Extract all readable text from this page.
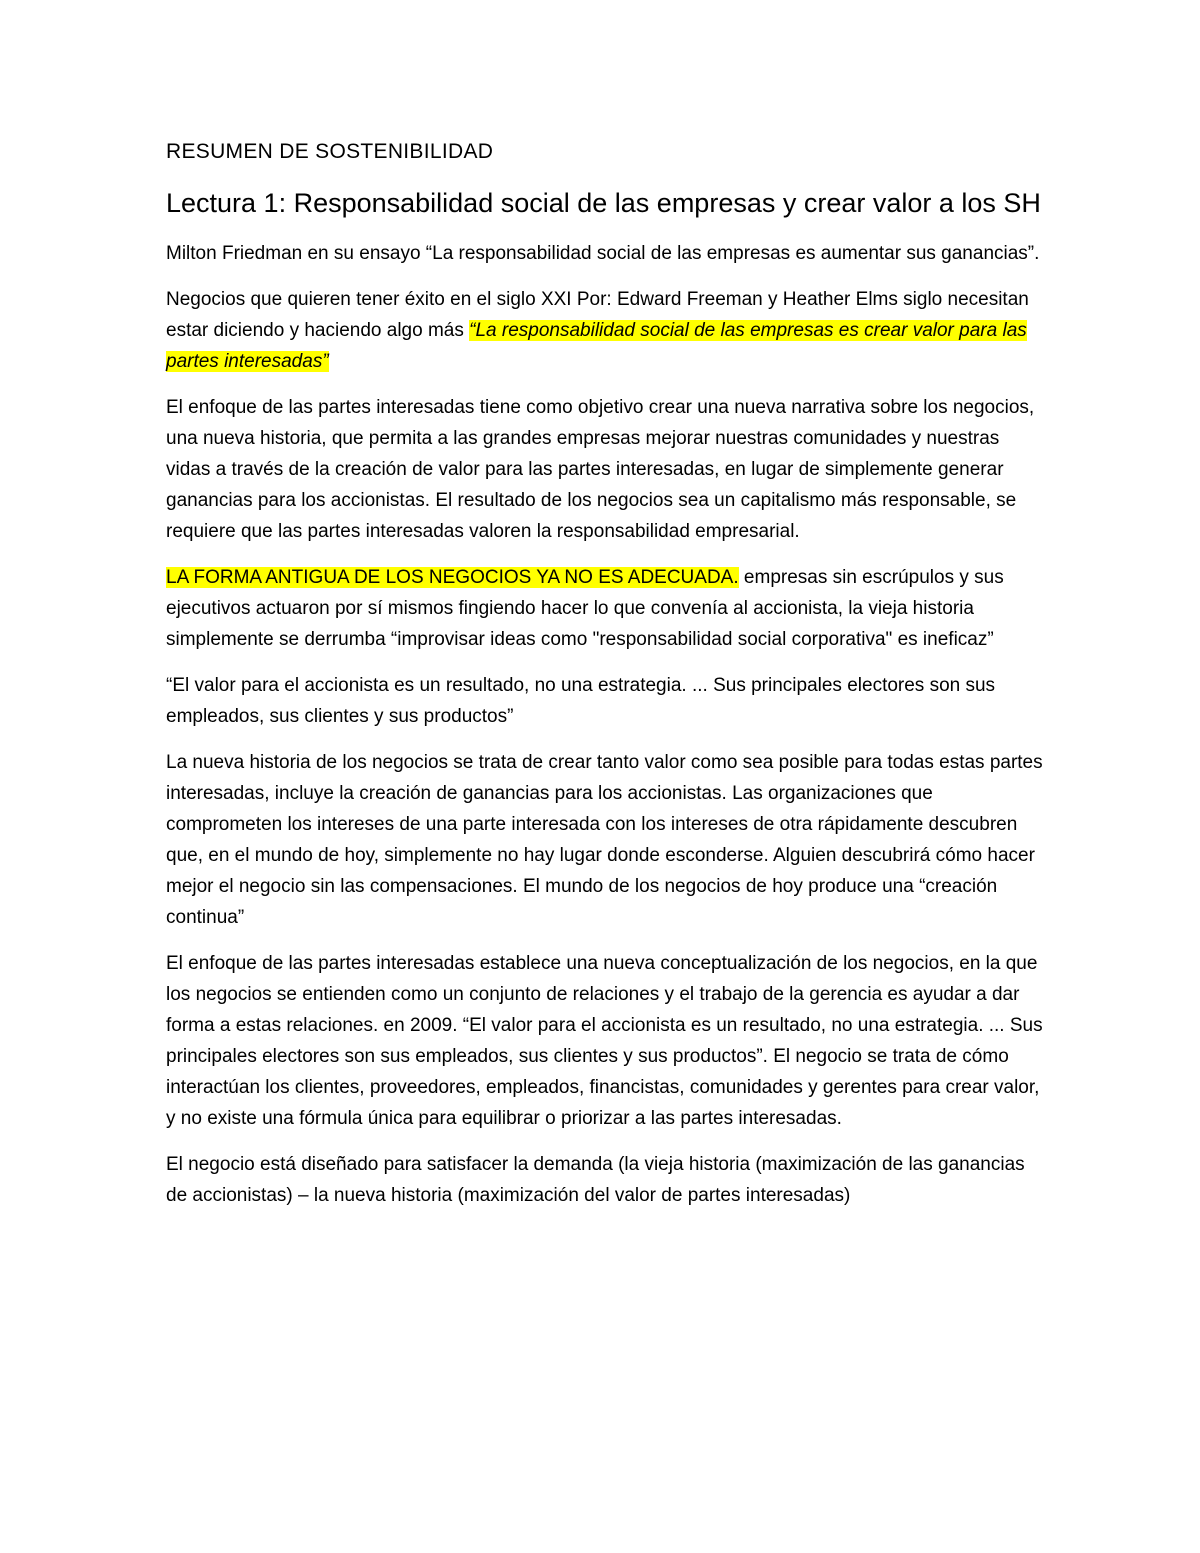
RESUMEN DE SOSTENIBILIDAD
Lectura 1: Responsabilidad social de las empresas y crear valor a los SH

Milton Friedman en su ensayo “La responsabilidad social de las empresas es aumentar sus ganancias”.

Negocios que quieren tener éxito en el siglo XXI Por: Edward Freeman y Heather Elms siglo necesitan estar diciendo y haciendo algo más “La responsabilidad social de las empresas es crear valor para las partes interesadas”

El enfoque de las partes interesadas tiene como objetivo crear una nueva narrativa sobre los negocios, una nueva historia, que permita a las grandes empresas mejorar nuestras comunidades y nuestras vidas a través de la creación de valor para las partes interesadas, en lugar de simplemente generar ganancias para los accionistas. El resultado de los negocios sea un capitalismo más responsable, se requiere que las partes interesadas valoren la responsabilidad empresarial.

LA FORMA ANTIGUA DE LOS NEGOCIOS YA NO ES ADECUADA. empresas sin escrúpulos y sus ejecutivos actuaron por sí mismos fingiendo hacer lo que convenía al accionista, la vieja historia simplemente se derrumba “improvisar ideas como "responsabilidad social corporativa" es ineficaz”

“El valor para el accionista es un resultado, no una estrategia. ... Sus principales electores son sus empleados, sus clientes y sus productos”

La nueva historia de los negocios se trata de crear tanto valor como sea posible para todas estas partes interesadas, incluye la creación de ganancias para los accionistas. Las organizaciones que comprometen los intereses de una parte interesada con los intereses de otra rápidamente descubren que, en el mundo de hoy, simplemente no hay lugar donde esconderse. Alguien descubrirá cómo hacer mejor el negocio sin las compensaciones. El mundo de los negocios de hoy produce una “creación continua”

El enfoque de las partes interesadas establece una nueva conceptualización de los negocios, en la que los negocios se entienden como un conjunto de relaciones y el trabajo de la gerencia es ayudar a dar forma a estas relaciones. en 2009. “El valor para el accionista es un resultado, no una estrategia. ... Sus principales electores son sus empleados, sus clientes y sus productos”. El negocio se trata de cómo interactúan los clientes, proveedores, empleados, financistas, comunidades y gerentes para crear valor, y no existe una fórmula única para equilibrar o priorizar a las partes interesadas.

El negocio está diseñado para satisfacer la demanda (la vieja historia (maximización de las ganancias de accionistas) – la nueva historia (maximización del valor de partes interesadas)
